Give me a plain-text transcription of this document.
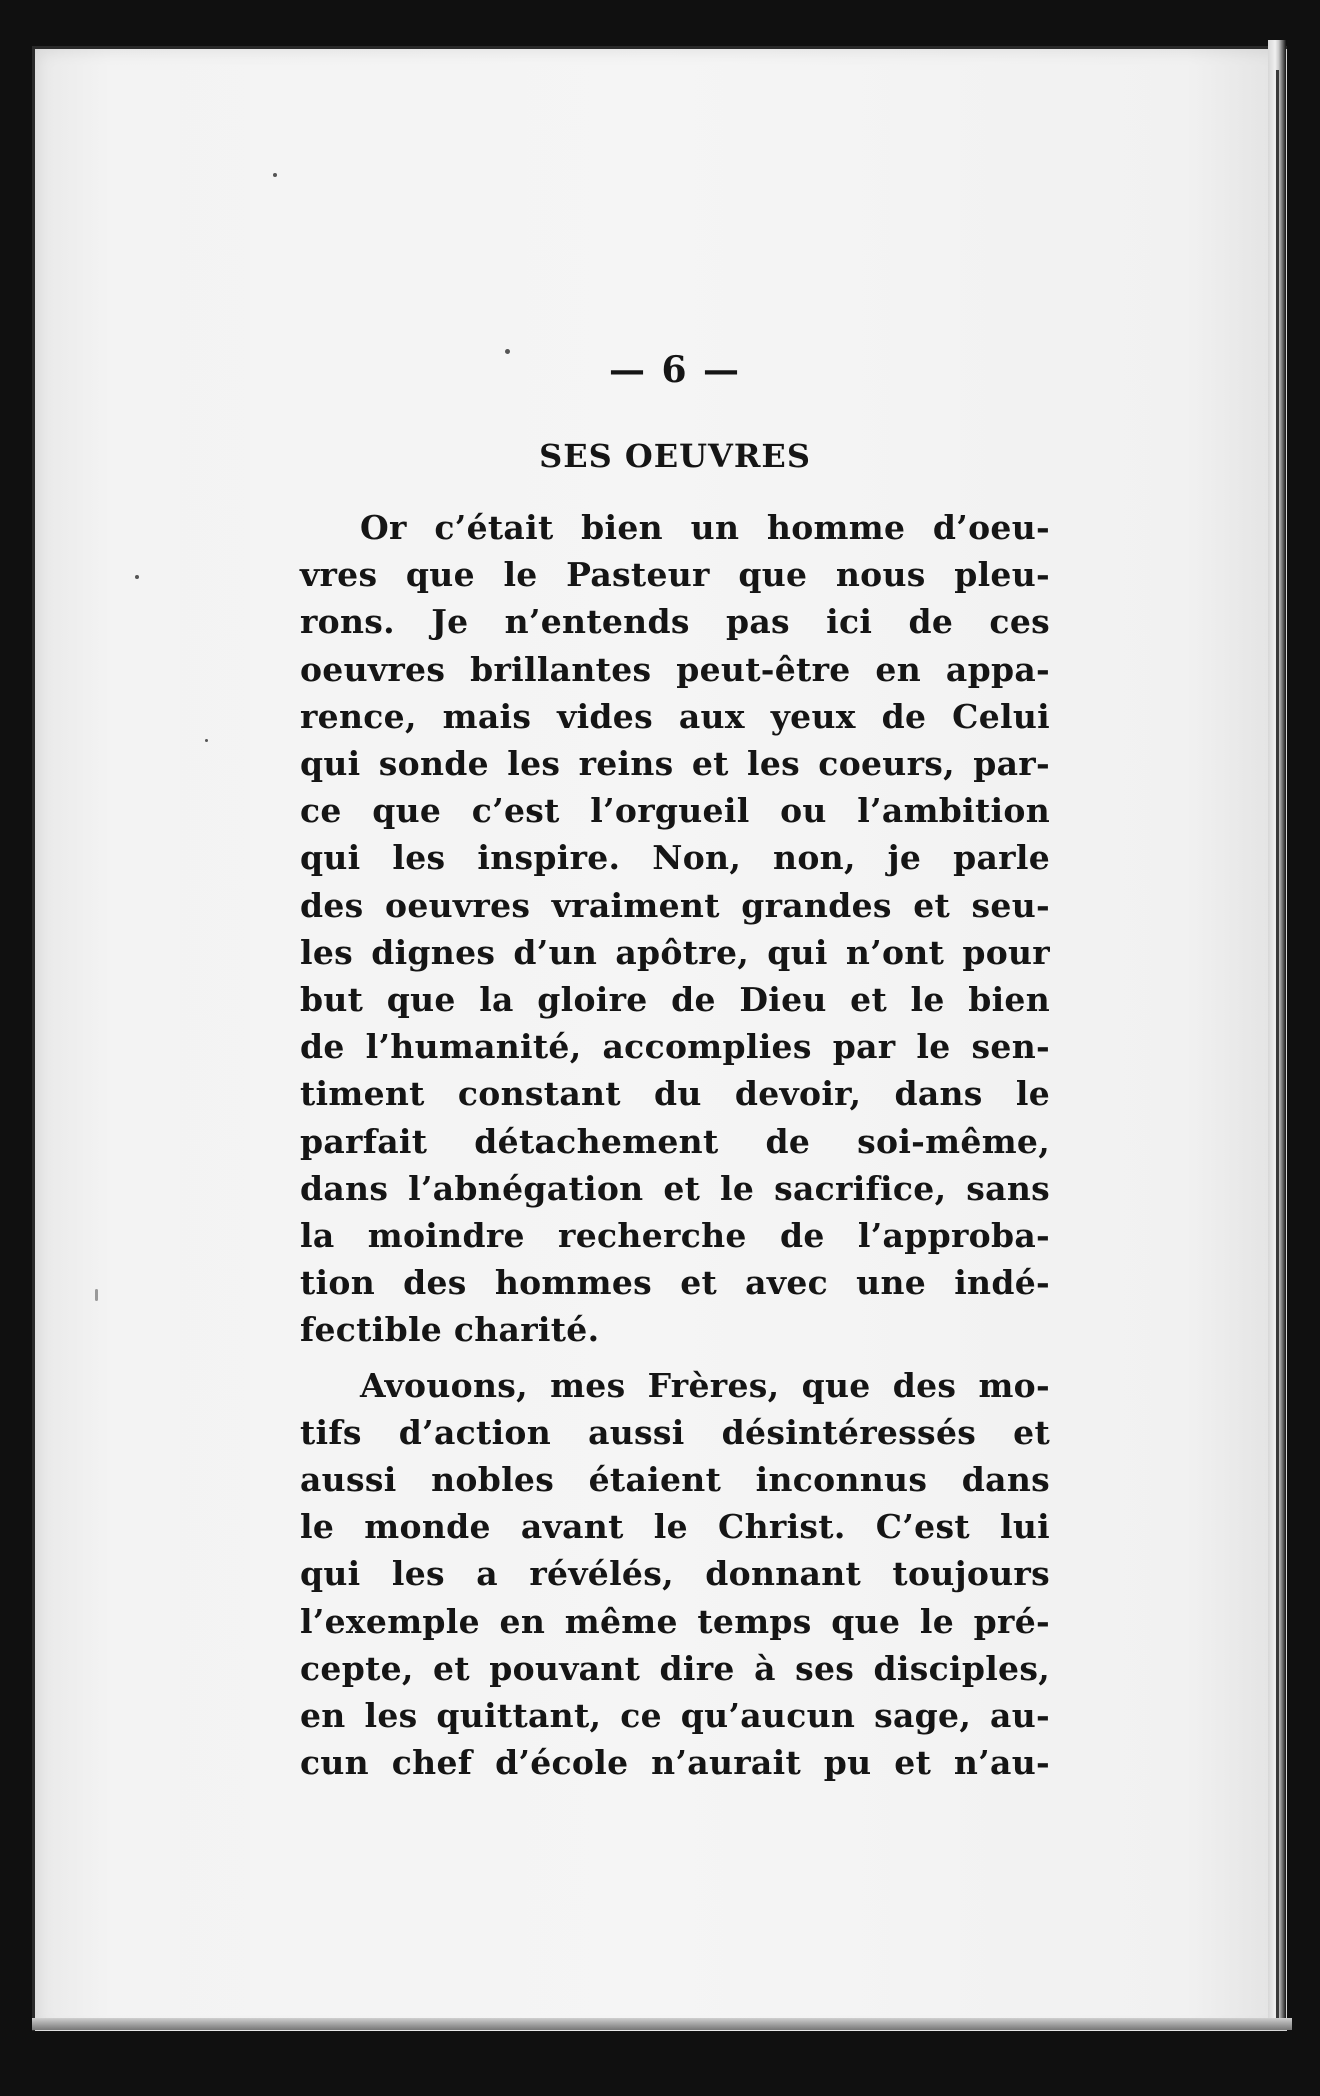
— 6 —
SES OEUVRES

Or c’était bien un homme d’oeu-
vres que le Pasteur que nous pleu-
rons. Je n’entends pas ici de ces
oeuvres brillantes peut-être en appa-
rence, mais vides aux yeux de Celui
qui sonde les reins et les coeurs, par-
ce que c’est l’orgueil ou l’ambition
qui les inspire. Non, non, je parle
des oeuvres vraiment grandes et seu-
les dignes d’un apôtre, qui n’ont pour
but que la gloire de Dieu et le bien
de l’humanité, accomplies par le sen-
timent constant du devoir, dans le
parfait détachement de soi-même,
dans l’abnégation et le sacrifice, sans
la moindre recherche de l’approba-
tion des hommes et avec une indé-
fectible charité.

Avouons, mes Frères, que des mo-
tifs d’action aussi désintéressés et
aussi nobles étaient inconnus dans
le monde avant le Christ. C’est lui
qui les a révélés, donnant toujours
l’exemple en même temps que le pré-
cepte, et pouvant dire à ses disciples,
en les quittant, ce qu’aucun sage, au-
cun chef d’école n’aurait pu et n’au-
